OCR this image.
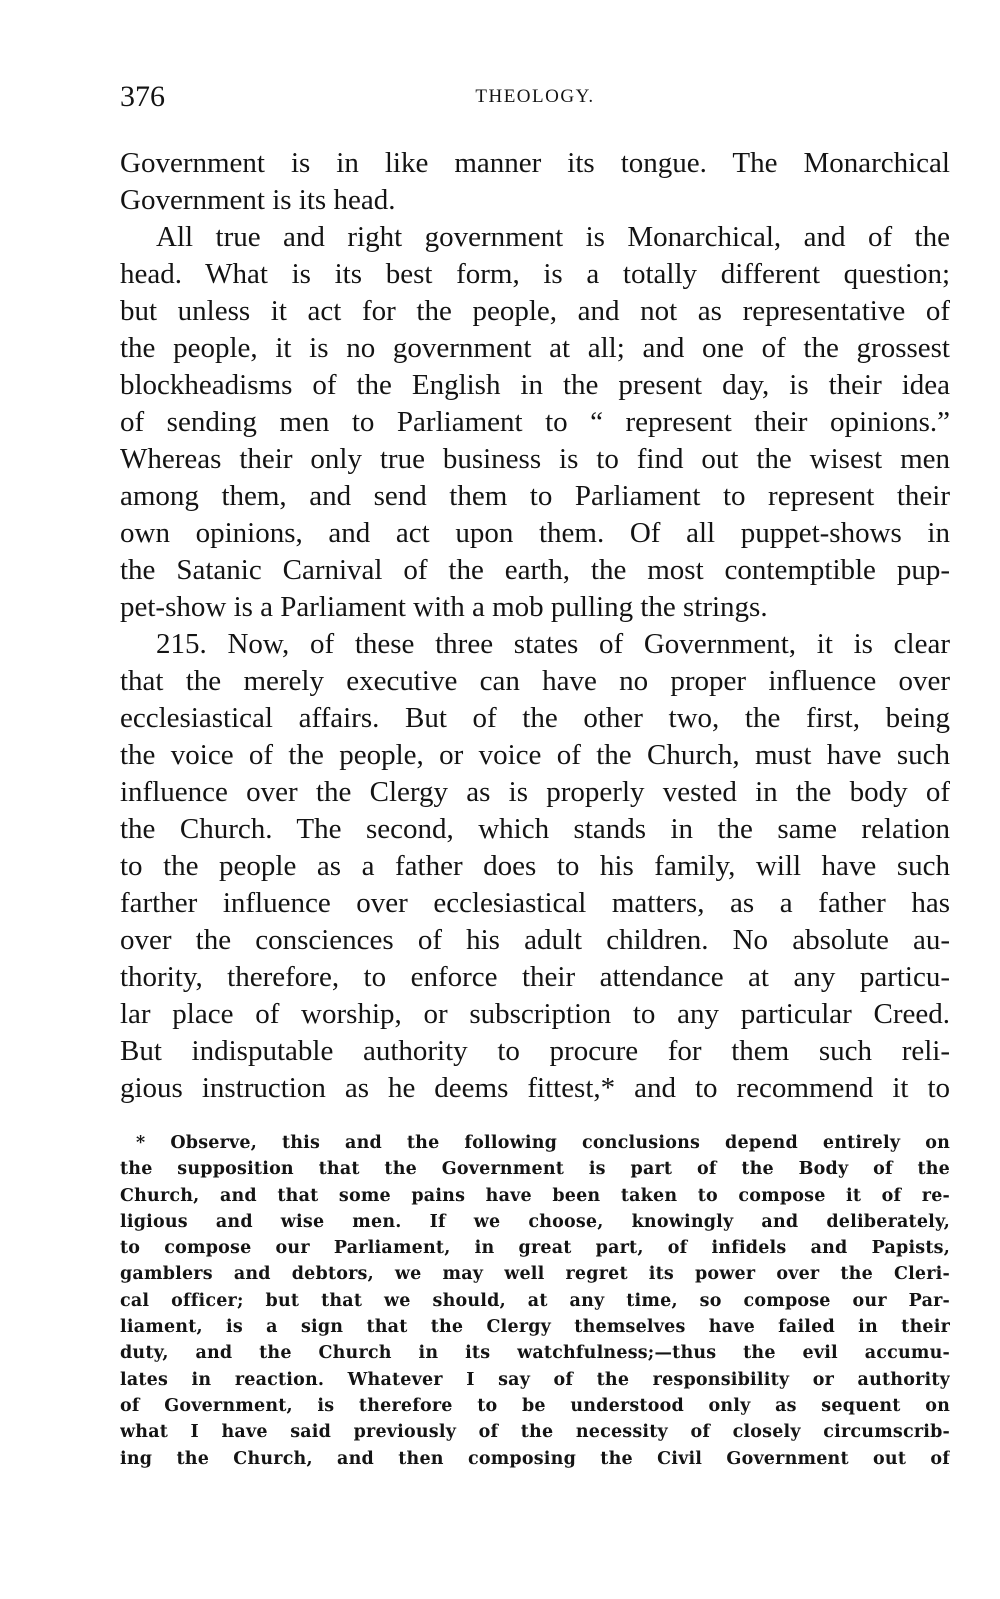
376	THEOLOGY.
Government is in like manner its tongue. The Monarchical
Government is its head.
All true and right government is Monarchical, and of the
head. What is its best form, is a totally different question;
but unless it act for the people, and not as representative of
the people, it is no government at all; and one of the grossest
blockheadisms of the English in the present day, is their idea
of sending men to Parliament to “ represent their opinions.”
Whereas their only true business is to find out the wisest men
among them, and send them to Parliament to represent their
own opinions, and act upon them. Of all puppet-shows in
the Satanic Carnival of the earth, the most contemptible pup-
pet-show is a Parliament with a mob pulling the strings.
215. Now, of these three states of Government, it is clear
that the merely executive can have no proper influence over
ecclesiastical affairs. But of the other two, the first, being
the voice of the people, or voice of the Church, must have such
influence over the Clergy as is properly vested in the body of
the Church. The second, which stands in the same relation
to the people as a father does to his family, will have such
farther influence over ecclesiastical matters, as a father has
over the consciences of his adult children. No absolute au-
thority, therefore, to enforce their attendance at any particu-
lar place of worship, or subscription to any particular Creed.
But indisputable authority to procure for them such reli-
gious instruction as he deems fittest,* and to recommend it to
* Observe, this and the following conclusions depend entirely on
the supposition that the Government is part of the Body of the
Church, and that some pains have been taken to compose it of re-
ligious and wise men. If we choose, knowingly and deliberately,
to compose our Parliament, in great part, of infidels and Papists,
gamblers and debtors, we may well regret its power over the Cleri-
cal officer; but that we should, at any time, so compose our Par-
liament, is a sign that the Clergy themselves have failed in their
duty, and the Church in its watchfulness;—thus the evil accumu-
lates in reaction. Whatever I say of the responsibility or authority
of Government, is therefore to be understood only as sequent on
what I have said previously of the necessity of closely circumscrib-
ing the Church, and then composing the Civil Government out of
